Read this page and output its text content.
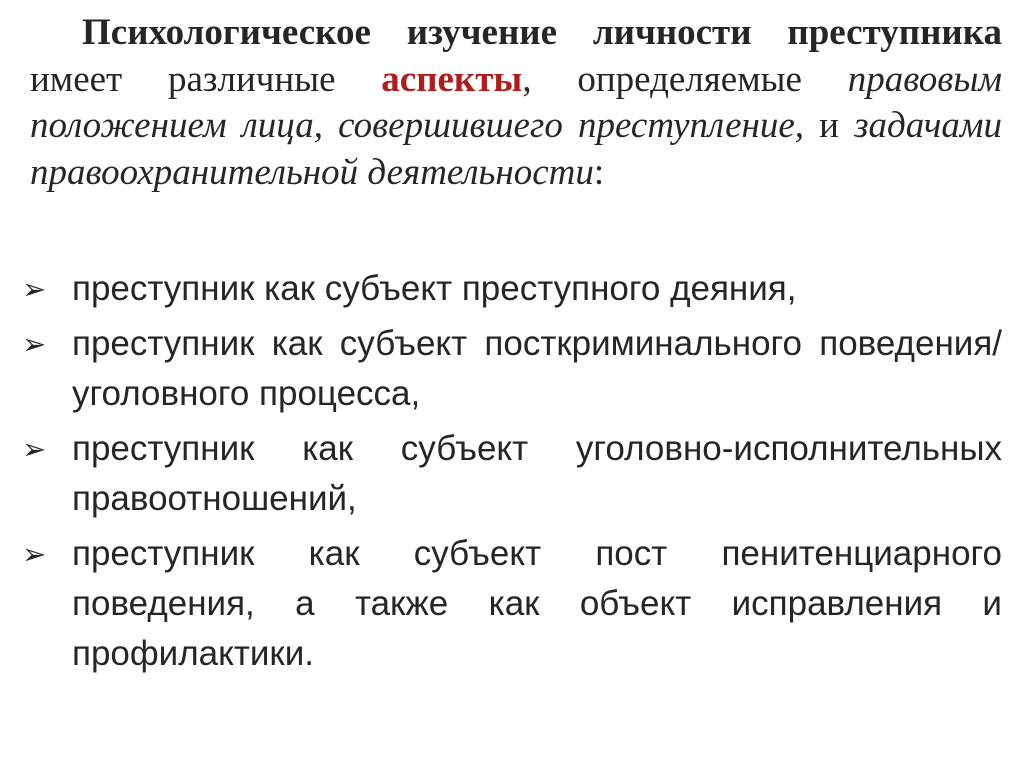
Психологическое изучение личности преступника имеет различные аспекты, определяемые правовым положением лица, совершившего преступление, и задачами правоохранительной деятельности:

➢ преступник как субъект преступного деяния,
➢ преступник как субъект посткриминального поведения/уголовного процесса,
➢ преступник как субъект уголовно-исполнительных правоотношений,
➢ преступник как субъект пост пенитенциарного поведения, а также как объект исправления и профилактики.
